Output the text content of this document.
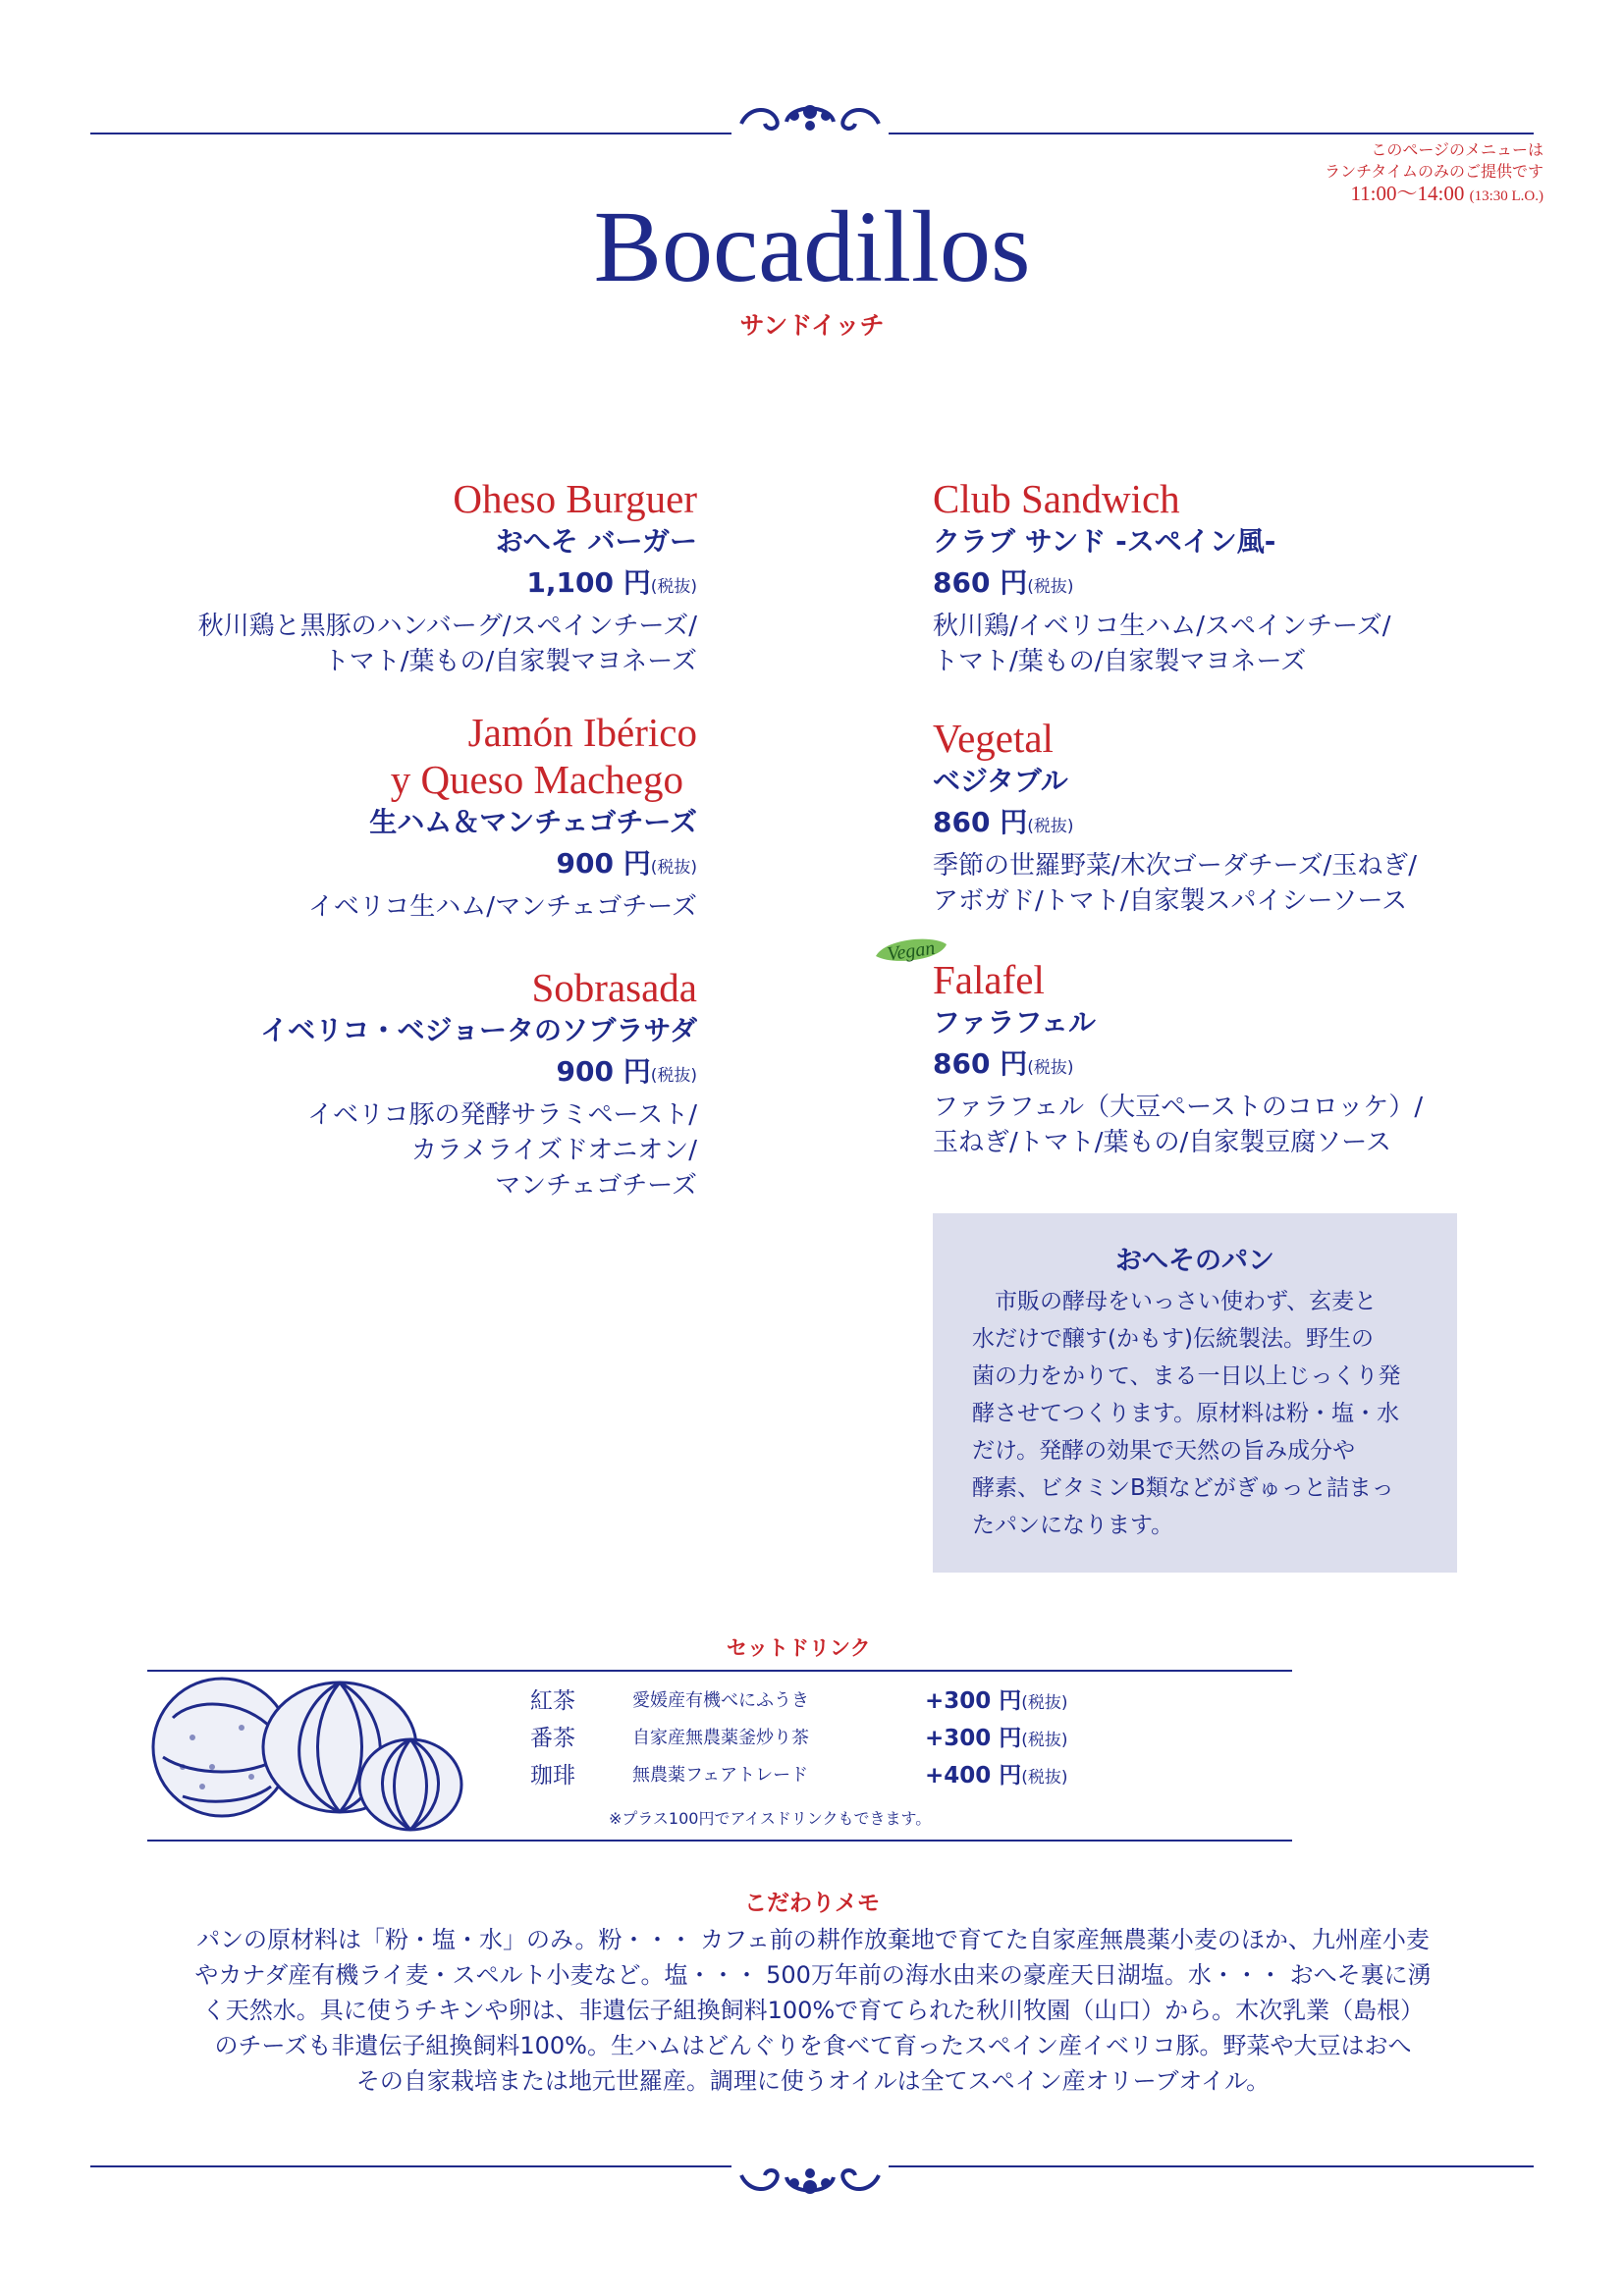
このページのメニューは
ランチタイムのみのご提供です
11:00〜14:00 (13:30 L.O.)
Bocadillos
サンドイッチ
Oheso Burguer
おへそ バーガー
1,100 円(税抜)
秋川鶏と黒豚のハンバーグ/スペインチーズ/
トマト/葉もの/自家製マヨネーズ
Jamón Ibérico
y Queso Machego
生ハム＆マンチェゴチーズ
900 円(税抜)
イベリコ生ハム/マンチェゴチーズ
Sobrasada
イベリコ・ベジョータのソブラサダ
900 円(税抜)
イベリコ豚の発酵サラミペースト/
カラメライズドオニオン/
マンチェゴチーズ
Club Sandwich
クラブ サンド -スペイン風-
860 円(税抜)
秋川鶏/イベリコ生ハム/スペインチーズ/
トマト/葉もの/自家製マヨネーズ
Vegetal
ベジタブル
860 円(税抜)
季節の世羅野菜/木次ゴーダチーズ/玉ねぎ/
アボガド/トマト/自家製スパイシーソース
Vegan
Falafel
ファラフェル
860 円(税抜)
ファラフェル（大豆ペーストのコロッケ）/
玉ねぎ/トマト/葉もの/自家製豆腐ソース
おへそのパン
　市販の酵母をいっさい使わず、玄麦と
水だけで醸す(かもす)伝統製法。野生の
菌の力をかりて、まる一日以上じっくり発
酵させてつくります。原材料は粉・塩・水
だけ。発酵の効果で天然の旨み成分や
酵素、ビタミンB類などがぎゅっと詰まっ
たパンになります。
セットドリンク
紅茶	愛媛産有機べにふうき	+300 円(税抜)
番茶	自家産無農薬釜炒り茶	+300 円(税抜)
珈琲	無農薬フェアトレード	+400 円(税抜)
※プラス100円でアイスドリンクもできます。
こだわりメモ
パンの原材料は「粉・塩・水」のみ。粉・・・ カフェ前の耕作放棄地で育てた自家産無農薬小麦のほか、九州産小麦
やカナダ産有機ライ麦・スペルト小麦など。塩・・・ 500万年前の海水由来の豪産天日湖塩。水・・・ おへそ裏に湧
く天然水。具に使うチキンや卵は、非遺伝子組換飼料100%で育てられた秋川牧園（山口）から。木次乳業（島根）
のチーズも非遺伝子組換飼料100%。生ハムはどんぐりを食べて育ったスペイン産イベリコ豚。野菜や大豆はおへ
その自家栽培または地元世羅産。調理に使うオイルは全てスペイン産オリーブオイル。
